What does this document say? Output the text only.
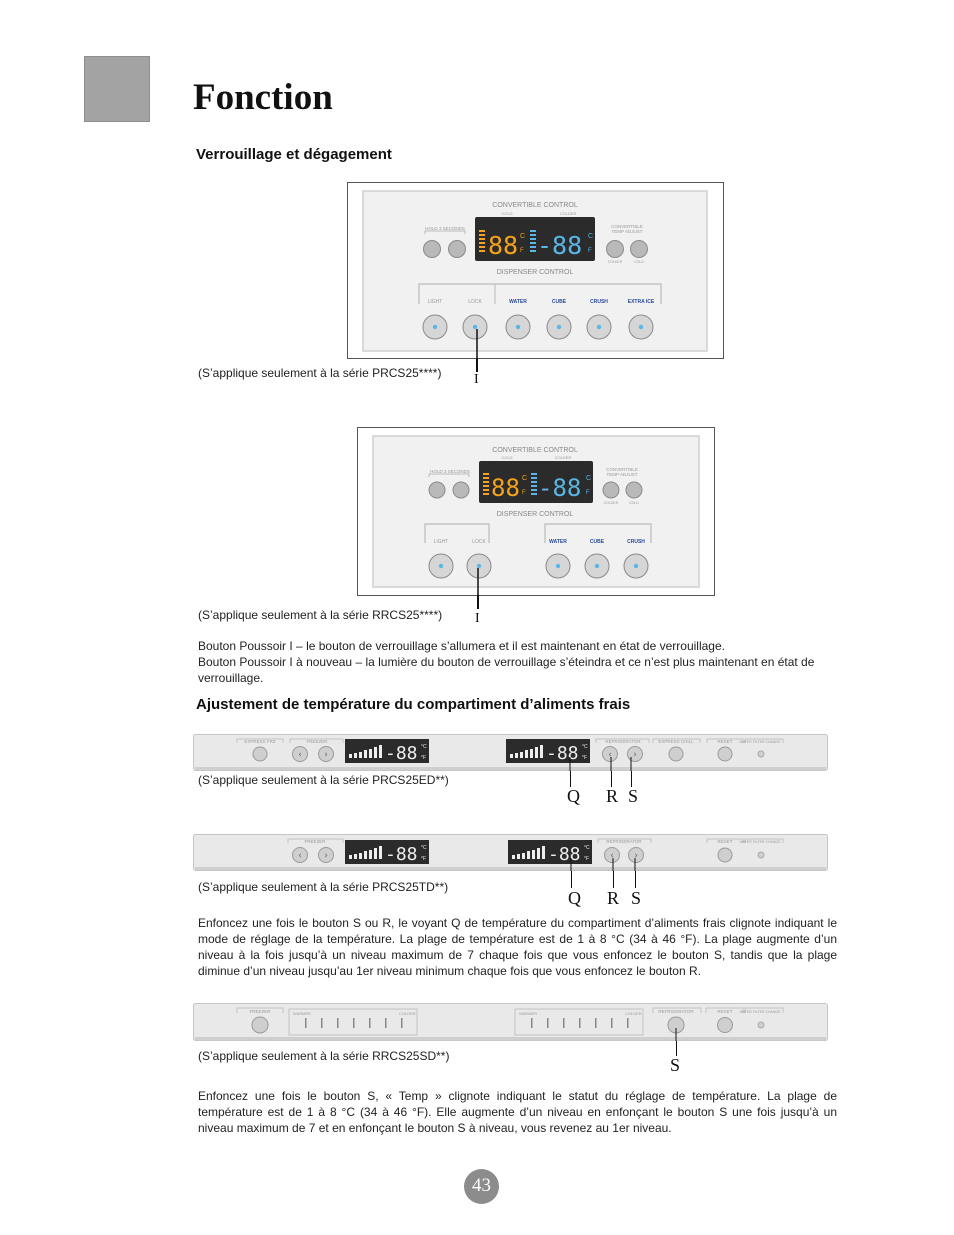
Fonction
Verrouillage et dégagement
CONVERTIBLE CONTROL
COLD	COLDER
HOLD 3 SECONDS
88 C
F -88 C
F
CONVERTIBLE
TEMP ADJUST
COLDER	COLD
DISPENSER CONTROL
LIGHT	LOCK	WATER	CUBE	CRUSH	EXTRA ICE
(S’applique seulement à la série PRCS25****) I
CONVERTIBLE CONTROL
COLD	COLDER
HOLD 3 SECONDS
88 C
F -88 C
F
CONVERTIBLE
TEMP ADJUST
COLDER	COLD
DISPENSER CONTROL
LIGHT	LOCK	WATER	CUBE	CRUSH
(S’applique seulement à la série RRCS25****) I
Bouton Poussoir I – le bouton de verrouillage s’allumera et il est maintenant en état de verrouillage.
Bouton Poussoir I à nouveau – la lumière du bouton de verrouillage s’éteindra et ce n’est plus maintenant en état de verrouillage.
Ajustement de température du compartiment d’aliments frais
EXPRESS FRZ	FREEZER
‹ ›	-88 °C
°F	-88 °C
°F
REFRIGERATOR
‹ ›
EXPRESS CHILL	RESET WATER FILTER CHANGE
(S’applique seulement à la série PRCS25ED**)
Q R S
FREEZER
‹ ›	-88 °C
°F	-88 °C
°F
REFRIGERATOR
‹ ›
RESET WATER FILTER CHANGE
(S’applique seulement à la série PRCS25TD**)
Q R S
Enfoncez une fois le bouton S ou R, le voyant Q de température du compartiment d’aliments frais clignote indiquant le mode de réglage de la température. La plage de température est de 1 à 8 °C (34 à 46 °F). La plage augmente d’un niveau à la fois jusqu’à un niveau maximum de 7 chaque fois que vous enfoncez le bouton S, tandis que la plage diminue d’un niveau jusqu’au 1er niveau minimum chaque fois que vous enfoncez le bouton R.
FREEZER	WARMER	COLDER	WARMER	COLDER	REFRIGERATOR	RESET WATER FILTER CHANGE
(S’applique seulement à la série RRCS25SD**)	S
Enfoncez une fois le bouton S, « Temp » clignote indiquant le statut du réglage de température. La plage de température est de 1 à 8 °C (34 à 46 °F). Elle augmente d’un niveau en enfonçant le bouton S une fois jusqu’à un niveau maximum de 7 et en enfonçant le bouton S à niveau, vous revenez au 1er niveau.
43
